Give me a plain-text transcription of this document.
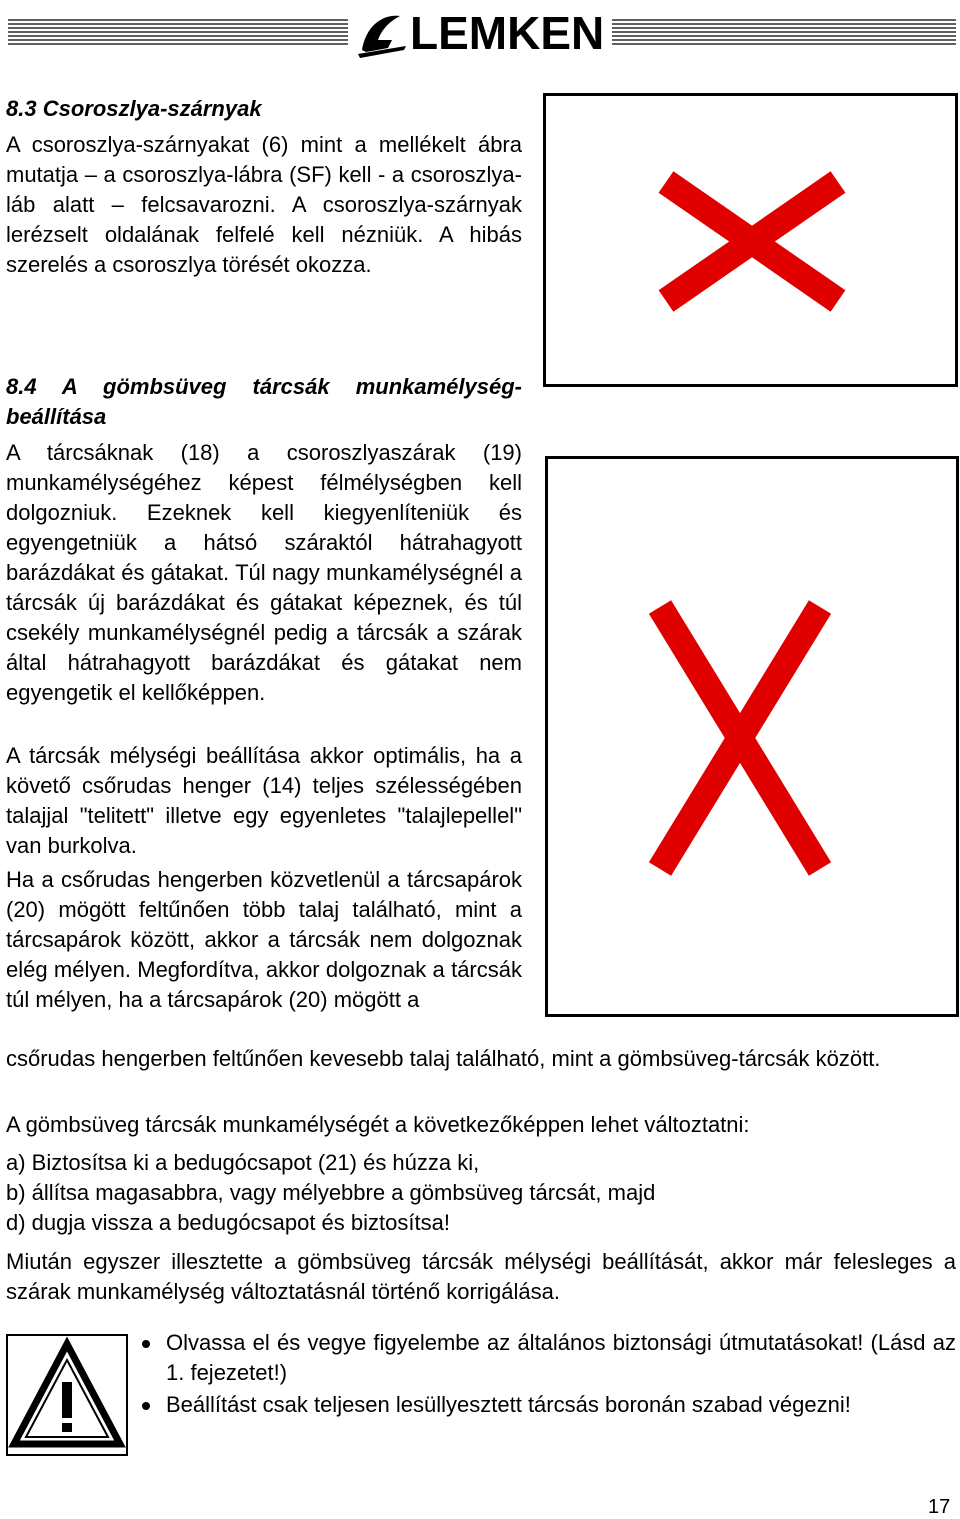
LEMKEN
8.3 Csoroszlya-szárnyak
A csoroszlya-szárnyakat (6) mint a mellékelt ábra mutatja – a csoroszlya-lábra (SF) kell - a csoroszlya-láb alatt – felcsavarozni. A csoroszlya-szárnyak lerézselt oldalának felfelé kell nézniük. A hibás szerelés a csoroszlya törését okozza.
8.4 A gömbsüveg tárcsák munkamélység-beállítása
A tárcsáknak (18) a csoroszlyaszárak (19) munkamélységéhez képest félmélységben kell dolgozniuk. Ezeknek kell kiegyenlíteniük és egyengetniük a hátsó száraktól hátrahagyott barázdákat és gátakat. Túl nagy munkamélységnél a tárcsák új barázdákat és gátakat képeznek, és túl csekély munkamélységnél pedig a tárcsák a szárak által hátrahagyott barázdákat és gátakat nem egyengetik el kellőképpen.
A tárcsák mélységi beállítása akkor optimális, ha a követő csőrudas henger (14) teljes szélességében talajjal "telitett" illetve egy egyenletes "talajlepellel" van burkolva.
Ha a csőrudas hengerben közvetlenül a tárcsapárok (20) mögött feltűnően több talaj található, mint a tárcsapárok között, akkor a tárcsák nem dolgoznak elég mélyen. Megfordítva, akkor dolgoznak a tárcsák túl mélyen, ha a tárcsapárok (20) mögött a
csőrudas hengerben feltűnően kevesebb talaj található, mint a gömbsüveg-tárcsák között.
A gömbsüveg tárcsák munkamélységét a következőképpen lehet változtatni:
a) Biztosítsa ki a bedugócsapot (21) és húzza ki,
b) állítsa magasabbra, vagy mélyebbre a gömbsüveg tárcsát, majd
d) dugja vissza a bedugócsapot és biztosítsa!
Miután egyszer illesztette a gömbsüveg tárcsák mélységi beállítását, akkor már felesleges a szárak munkamélység változtatásnál történő korrigálása.
Olvassa el és vegye figyelembe az általános biztonsági útmutatásokat! (Lásd az 1. fejezetet!)
Beállítást csak teljesen lesüllyesztett tárcsás boronán szabad végezni!
17
